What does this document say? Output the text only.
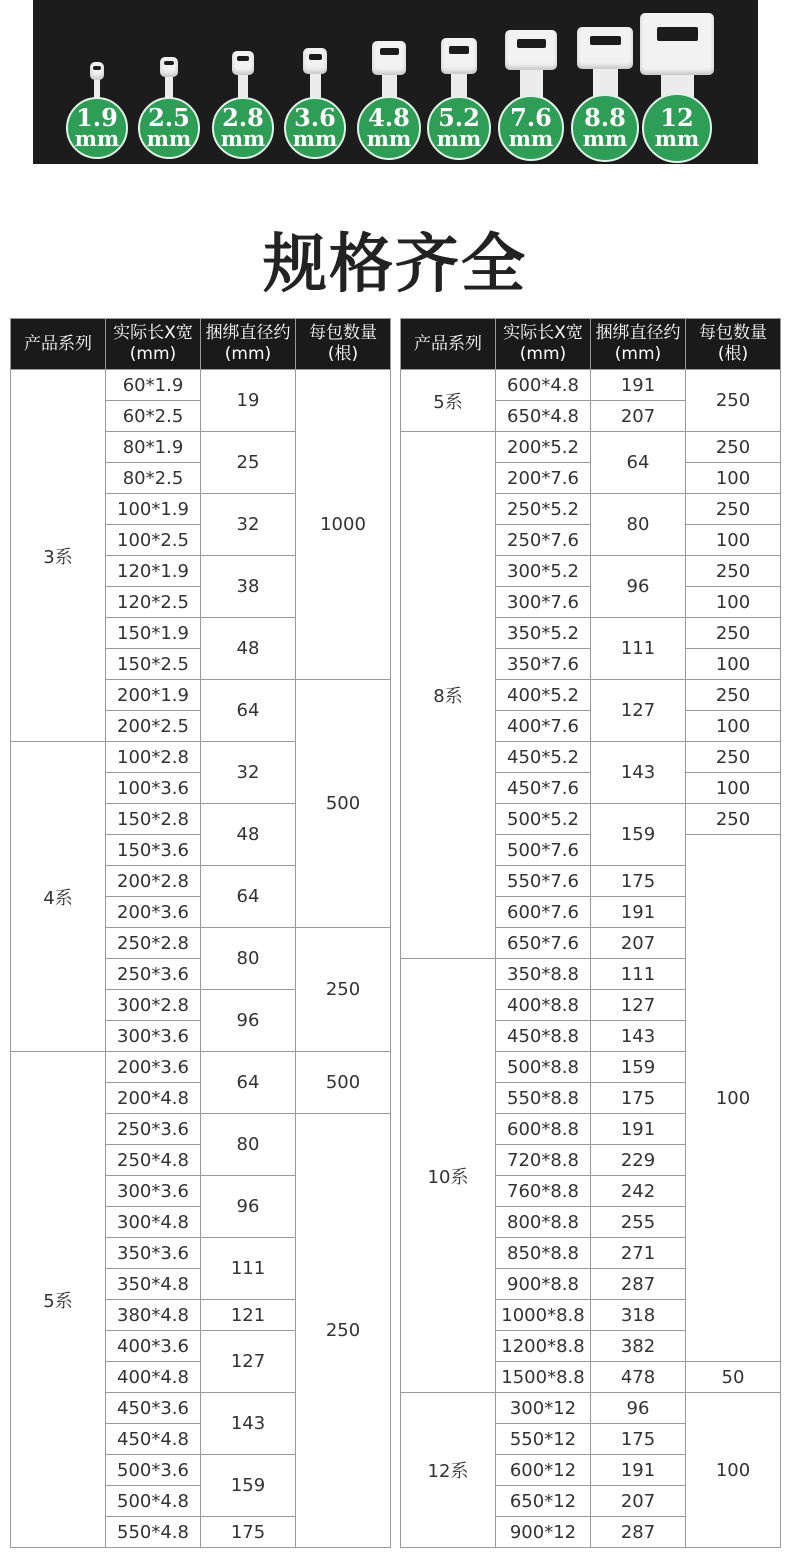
1.9
mm
2.5
mm
2.8
mm
3.6
mm
4.8
mm
5.2
mm
7.6
mm
8.8
mm
12
mm
规格齐全
产品系列	实际长X宽(mm)	捆绑直径约(mm)	每包数量(根)
3系	60*1.9	19	1000
	60*2.5		
	80*1.9	25	
	80*2.5		
	100*1.9	32	
	100*2.5		
	120*1.9	38	
	120*2.5		
	150*1.9	48	
	150*2.5		
	200*1.9	64	500
	200*2.5		
4系	100*2.8	32	
	100*3.6		
	150*2.8	48	
	150*3.6		
	200*2.8	64	
	200*3.6		
	250*2.8	80	250
	250*3.6		
	300*2.8	96	
	300*3.6		
5系	200*3.6	64	500
	200*4.8		
	250*3.6	80	250
	250*4.8		
	300*3.6	96	
	300*4.8		
	350*3.6	111	
	350*4.8		
	380*4.8	121	
	400*3.6	127	
	400*4.8		
	450*3.6	143	
	450*4.8		
	500*3.6	159	
	500*4.8		
	550*4.8	175	
产品系列	实际长X宽(mm)	捆绑直径约(mm)	每包数量(根)
5系	600*4.8	191	250
	650*4.8	207	
8系	200*5.2	64	250
	200*7.6		100
	250*5.2	80	250
	250*7.6		100
	300*5.2	96	250
	300*7.6		100
	350*5.2	111	250
	350*7.6		100
	400*5.2	127	250
	400*7.6		100
	450*5.2	143	250
	450*7.6		100
	500*5.2	159	250
	500*7.6		100
	550*7.6	175	
	600*7.6	191	
	650*7.6	207	
10系	350*8.8	111	
	400*8.8	127	
	450*8.8	143	
	500*8.8	159	
	550*8.8	175	
	600*8.8	191	
	720*8.8	229	
	760*8.8	242	
	800*8.8	255	
	850*8.8	271	
	900*8.8	287	
	1000*8.8	318	
	1200*8.8	382	
	1500*8.8	478	50
12系	300*12	96	100
	550*12	175	
	600*12	191	
	650*12	207	
	900*12	287	
